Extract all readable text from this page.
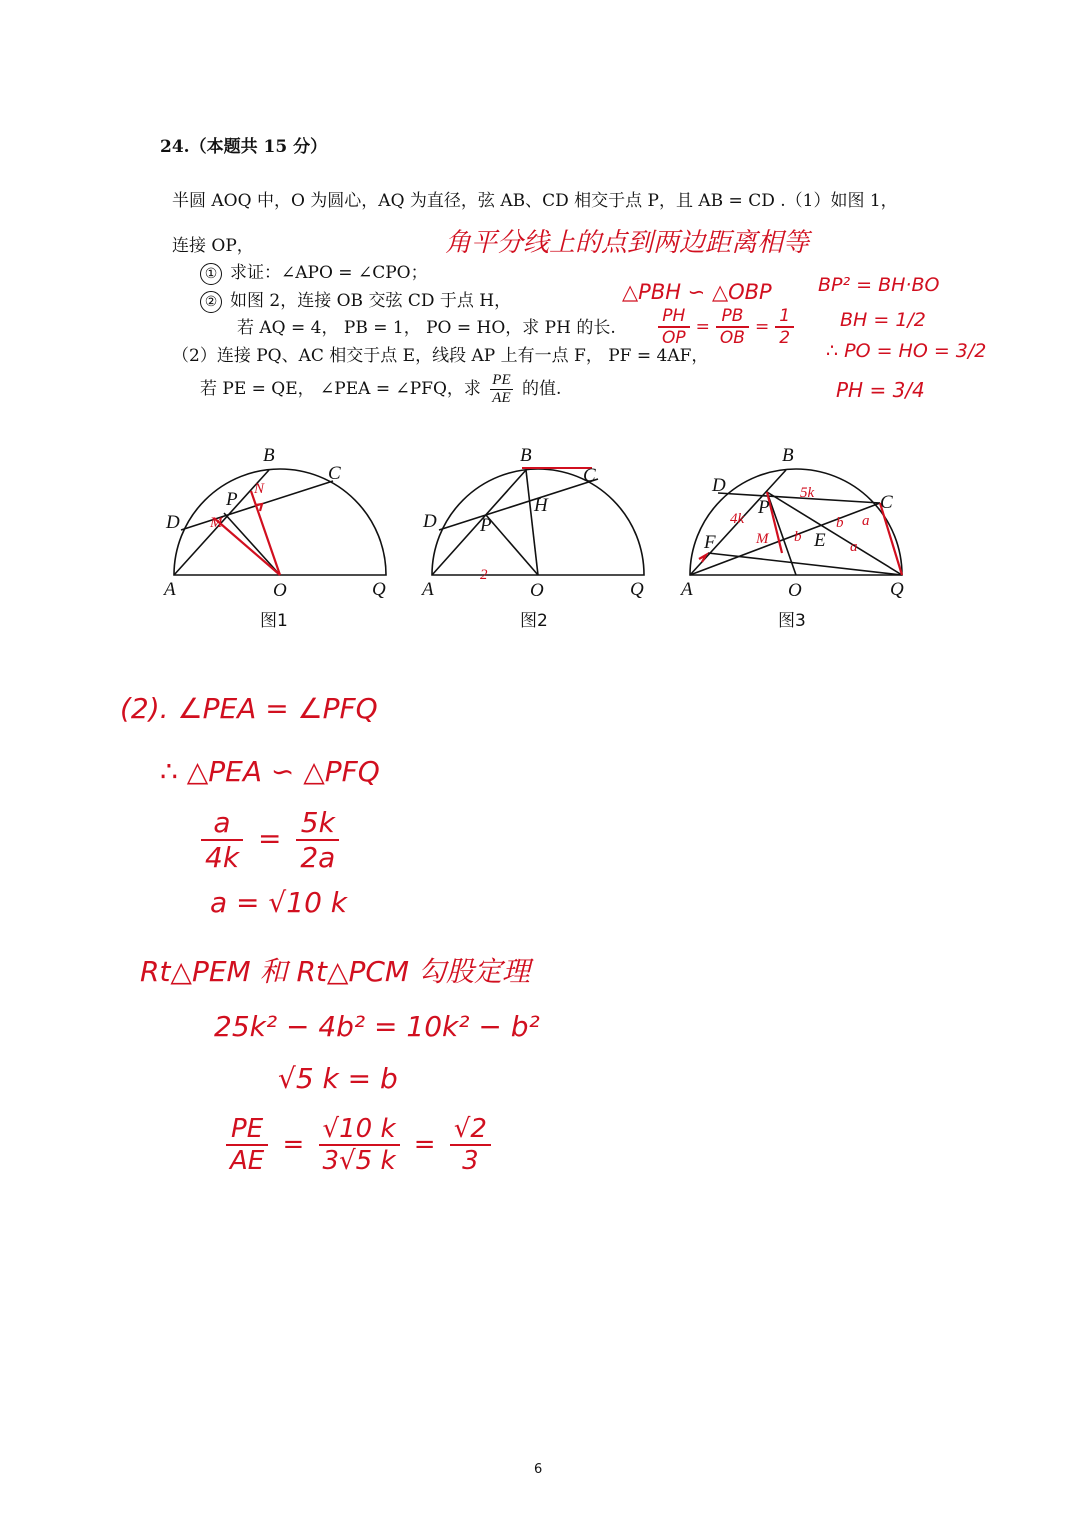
24.（本题共 15 分）
半圆 AOQ 中，O 为圆心，AQ 为直径，弦 AB、CD 相交于点 P，且 AB = CD .（1）如图 1，
连接 OP，
① 求证：∠APO = ∠CPO；
② 如图 2，连接 OB 交弦 CD 于点 H，
若 AQ = 4， PB = 1， PO = HO，求 PH 的长.
（2）连接 PQ、AC 相交于点 E，线段 AP 上有一点 F， PF = 4AF，
若 PE = QE， ∠PEA = ∠PFQ，求 $\frac{PE}{AE}$ 的值.
角平分线上的点到两边距离相等
△PBH ∽ △OBP
$\frac{PH}{OP} = \frac{PB}{OB} = \frac{1}{2}$
BP² = BH·BO
BH = 1/2
∴ PO = HO = 3/2
PH = 3/4
A
B
C
D
O	Q
P
A
B
C
D
O	Q
P
H
A
B
C
D
O	Q
P
E
F
M
N
2
5k
4k
M b
b
a
a
图1	图2	图3
(2). ∠PEA = ∠PFQ
∴ △PEA ∽ △PFQ
$\frac{a}{4k} = \frac{5k}{2a}$
a = √10 k
Rt△PEM 和 Rt△PCM 勾股定理
25k² − 4b² = 10k² − b²
√5 k = b
$\frac{PE}{AE} = \frac{√10 k}{3√5 k} = \frac{√2}{3}$
6
